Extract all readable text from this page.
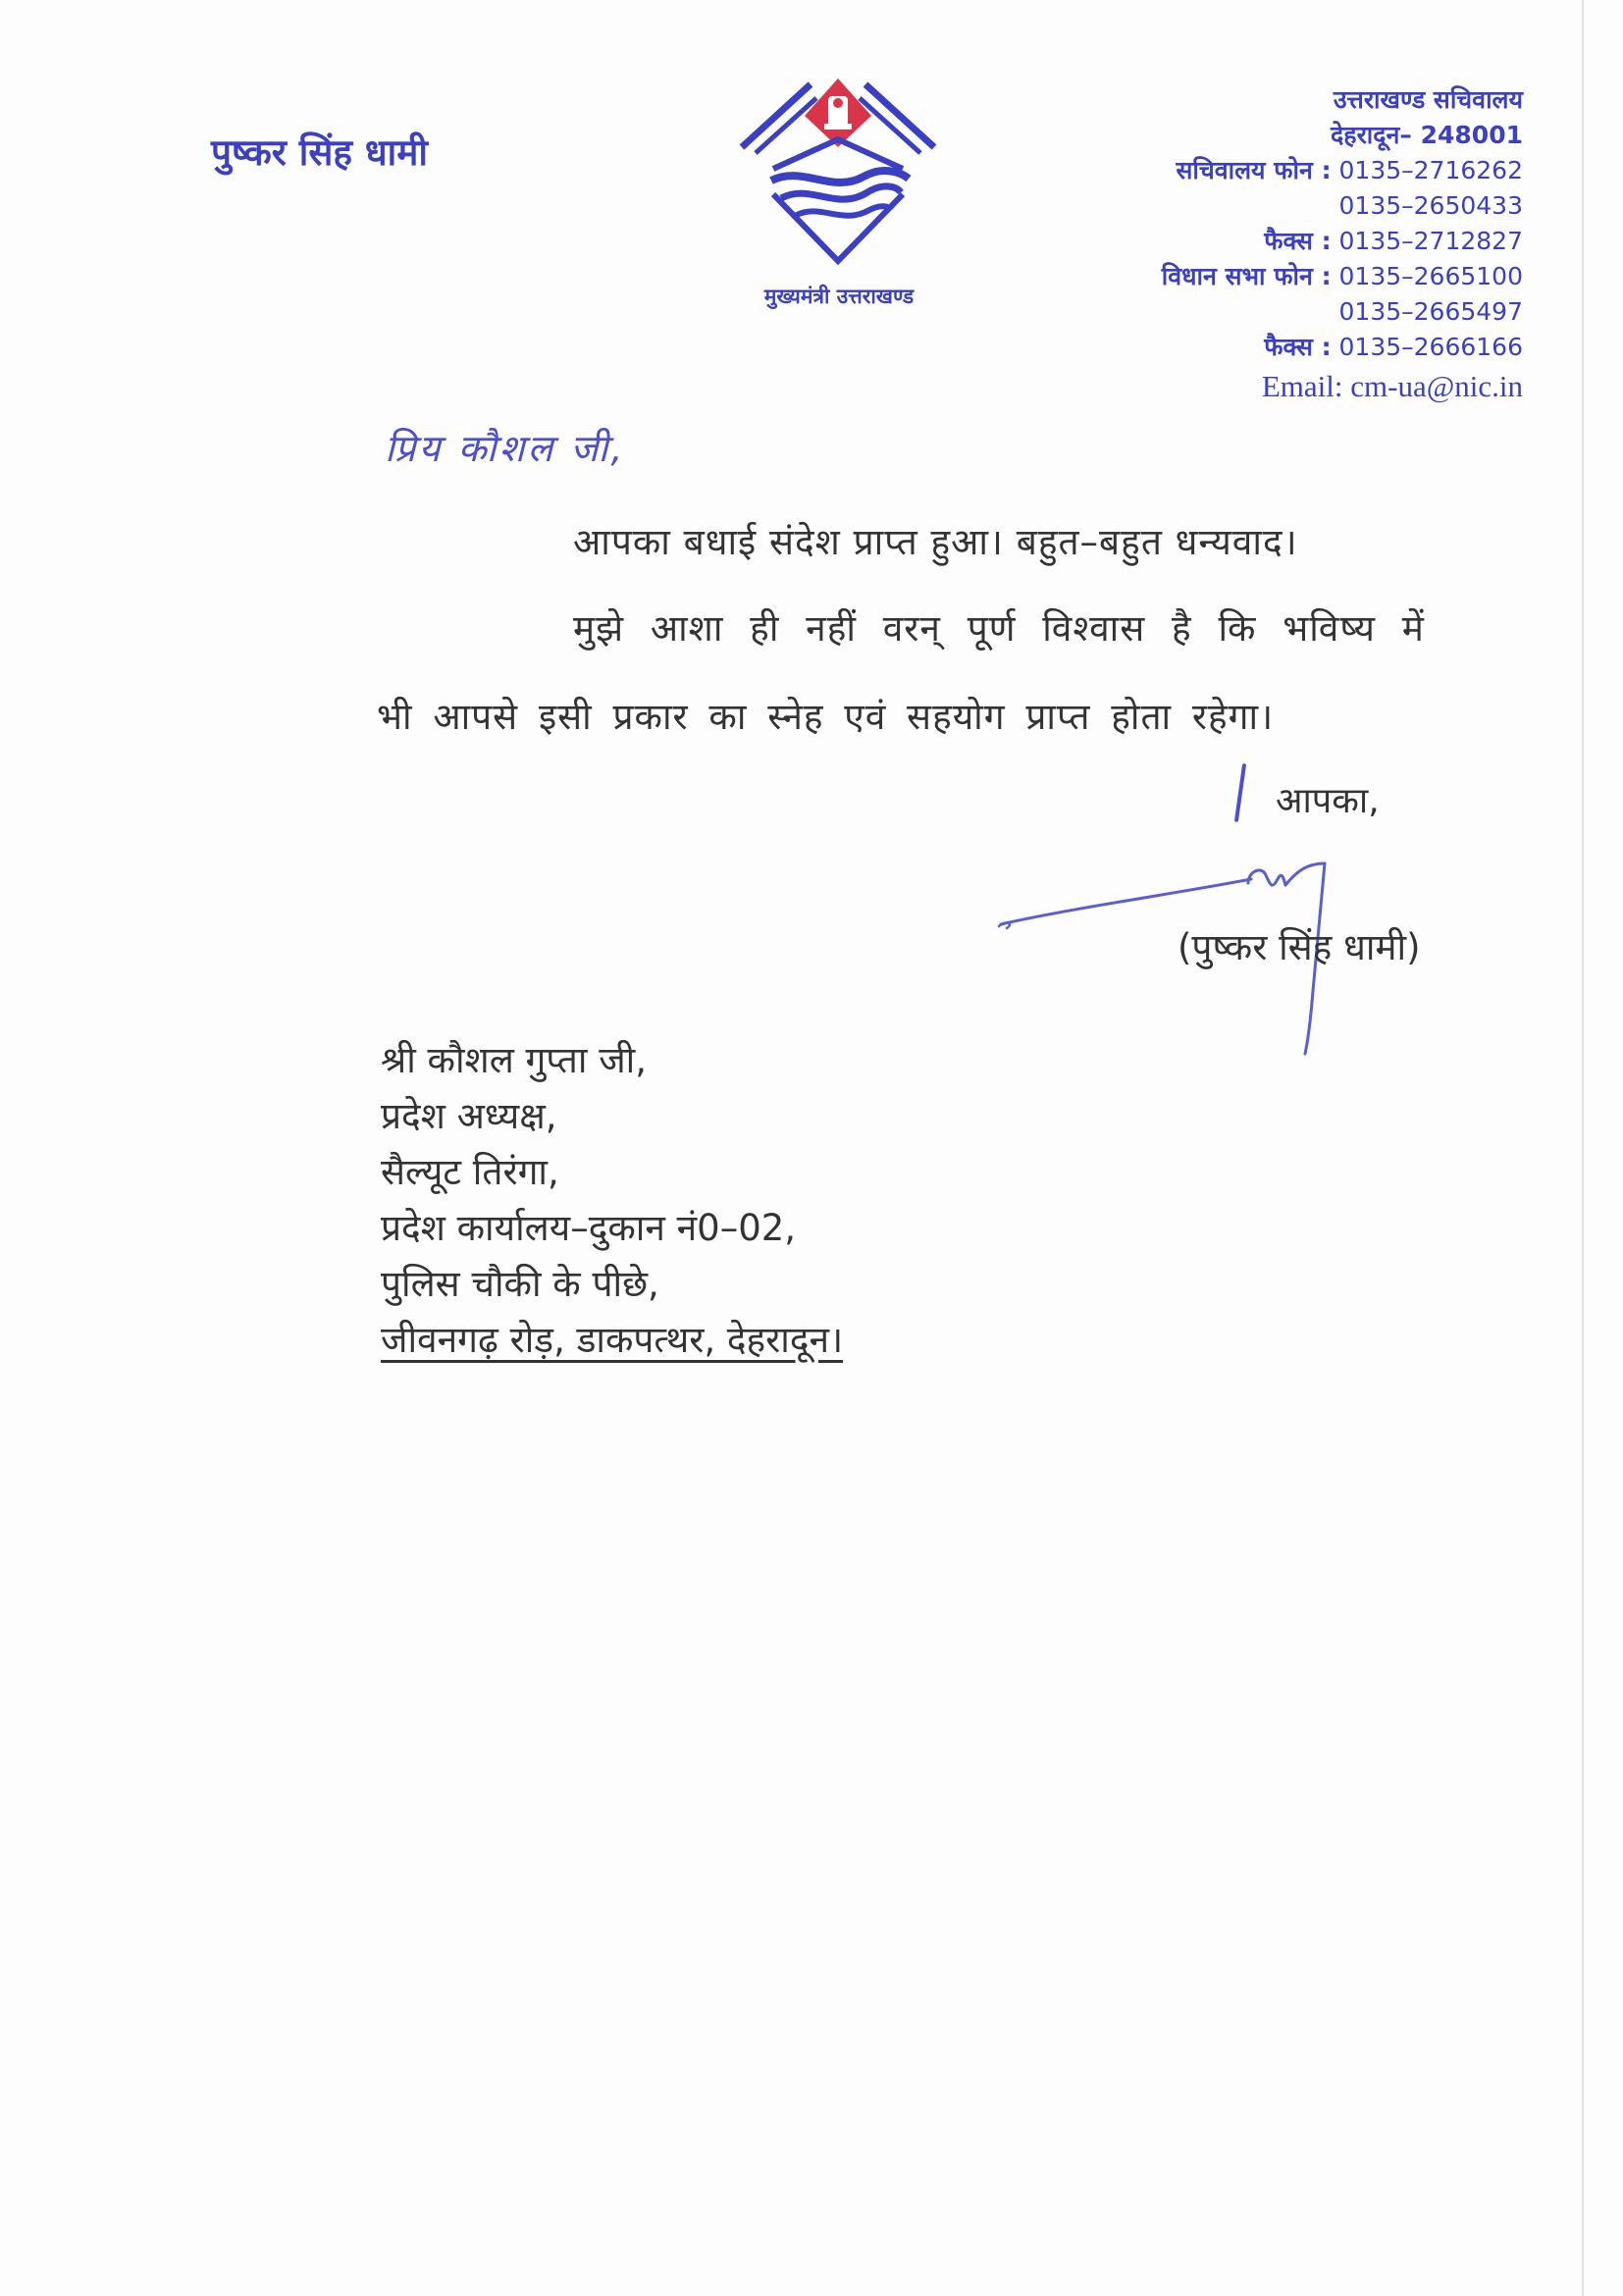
पुष्कर सिंह धामी
मुख्यमंत्री उत्तराखण्ड
उत्तराखण्ड सचिवालय
देहरादून– 248001
सचिवालय फोन : 0135–2716262
0135–2650433
फैक्स : 0135–2712827
विधान सभा फोन : 0135–2665100
0135–2665497
फैक्स : 0135–2666166
Email: cm-ua@nic.in
प्रिय कौशल जी,
आपका बधाई संदेश प्राप्त हुआ। बहुत–बहुत धन्यवाद।
मुझे आशा ही नहीं वरन् पूर्ण विश्वास है कि भविष्य में
भी आपसे इसी प्रकार का स्नेह एवं सहयोग प्राप्त होता रहेगा।
आपका,
(पुष्कर सिंह धामी)
श्री कौशल गुप्ता जी,
प्रदेश अध्यक्ष,
सैल्यूट तिरंगा,
प्रदेश कार्यालय–दुकान नं0–02,
पुलिस चौकी के पीछे,
जीवनगढ़ रोड़, डाकपत्थर, देहरादून।
